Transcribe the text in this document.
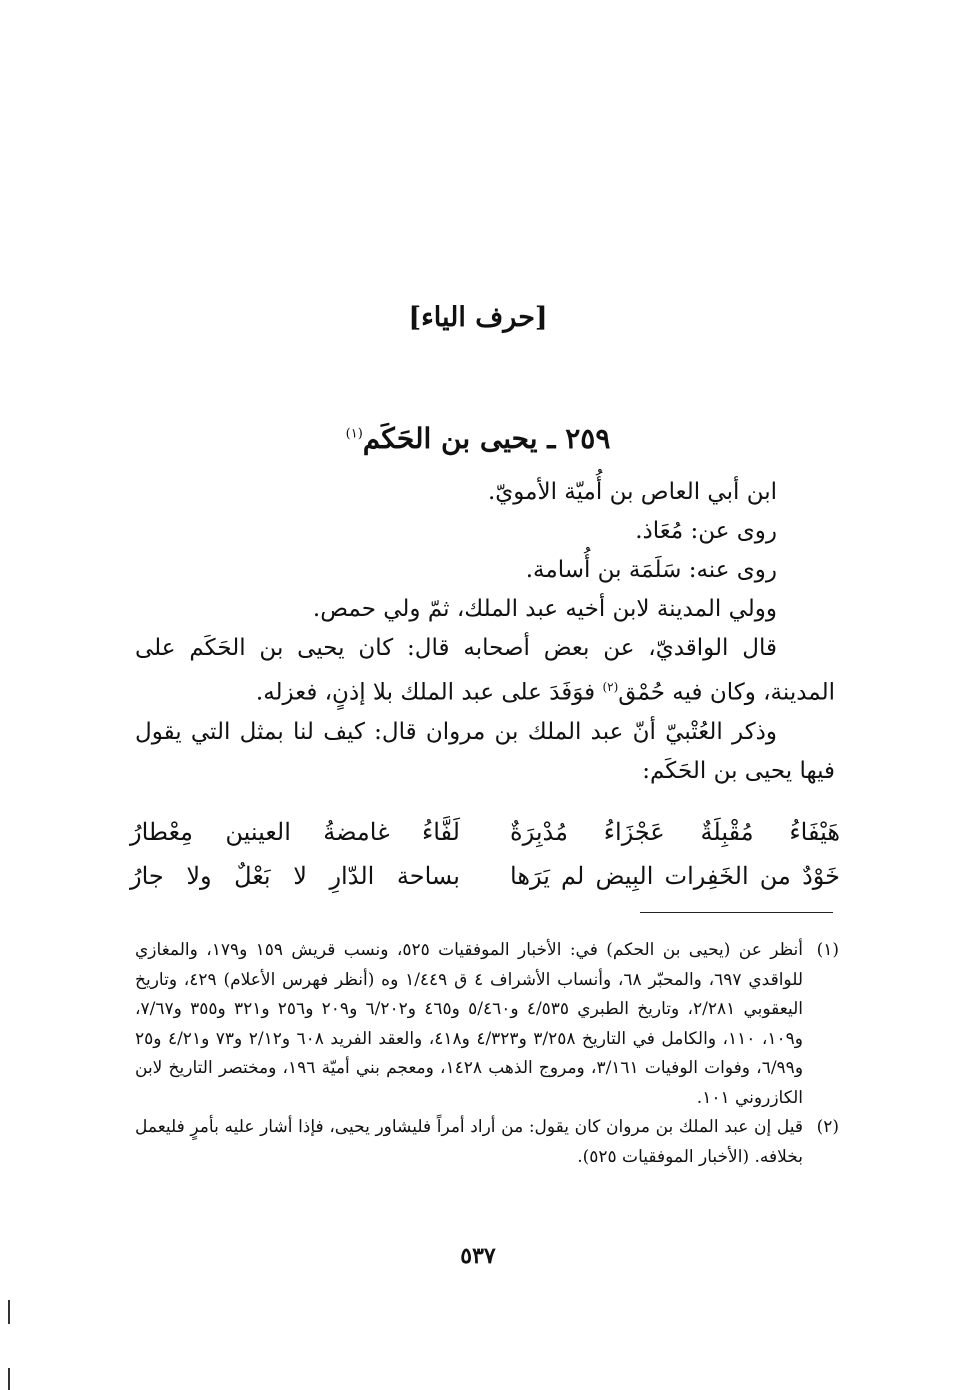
[حرف الياء]
٢٥٩ ـ يحيى بن الحَكَم$^{(١)}$

ابن أبي العاص بن أُميّة الأمويّ.

روى عن: مُعَاذ.

روى عنه: سَلَمَة بن أُسامة.

وولي المدينة لابن أخيه عبد الملك، ثمّ ولي حمص.

قال الواقديّ، عن بعض أصحابه قال: كان يحيى بن الحَكَم على المدينة، وكان فيه حُمْق$^{(٢)}$ فوَفَدَ على عبد الملك بلا إذنٍ، فعزله.

وذكر العُتْبيّ أنّ عبد الملك بن مروان قال: كيف لنا بمثل التي يقول فيها يحيى بن الحَكَم:

هَيْفَاءُ مُقْبِلَةٌ عَجْزَاءُ مُدْبِرَةٌ
لَفَّاءُ غامضةُ العينين مِعْطارُ
خَوْدٌ من الخَفِرات البِيض لم يَرَها
بساحة الدّارِ لا بَعْلٌ ولا جارُ
(١)
أنظر عن (يحيى بن الحكم) في: الأخبار الموفقيات ٥٢٥، ونسب قريش ١٥٩ و١٧٩، والمغازي للواقدي ٦٩٧، والمحبّر ٦٨، وأنساب الأشراف ٤ ق ١/٤٤٩ وه (أنظر فهرس الأعلام) ٤٢٩، وتاريخ اليعقوبي ٢/٢٨١، وتاريخ الطبري ٤/٥٣٥ و٥/٤٦٠ و٤٦٥ و٦/٢٠٢ و٢٠٩ و٢٥٦ و٣٢١ و٣٥٥ و٧/٦٧، و١٠٩، ١١٠، والكامل في التاريخ ٣/٢٥٨ و٤/٣٢٣ و٤١٨، والعقد الفريد ٦٠٨ و٢/١٢ و٧٣ و٤/٢١ و٢٥ و٦/٩٩، وفوات الوفيات ٣/١٦١، ومروج الذهب ١٤٢٨، ومعجم بني أميّة ١٩٦، ومختصر التاريخ لابن الكازروني ١٠١.
(٢)
قيل إن عبد الملك بن مروان كان يقول: من أراد أمراً فليشاور يحيى، فإذا أشار عليه بأمرٍ فليعمل بخلافه. (الأخبار الموفقيات ٥٢٥).
٥٣٧
